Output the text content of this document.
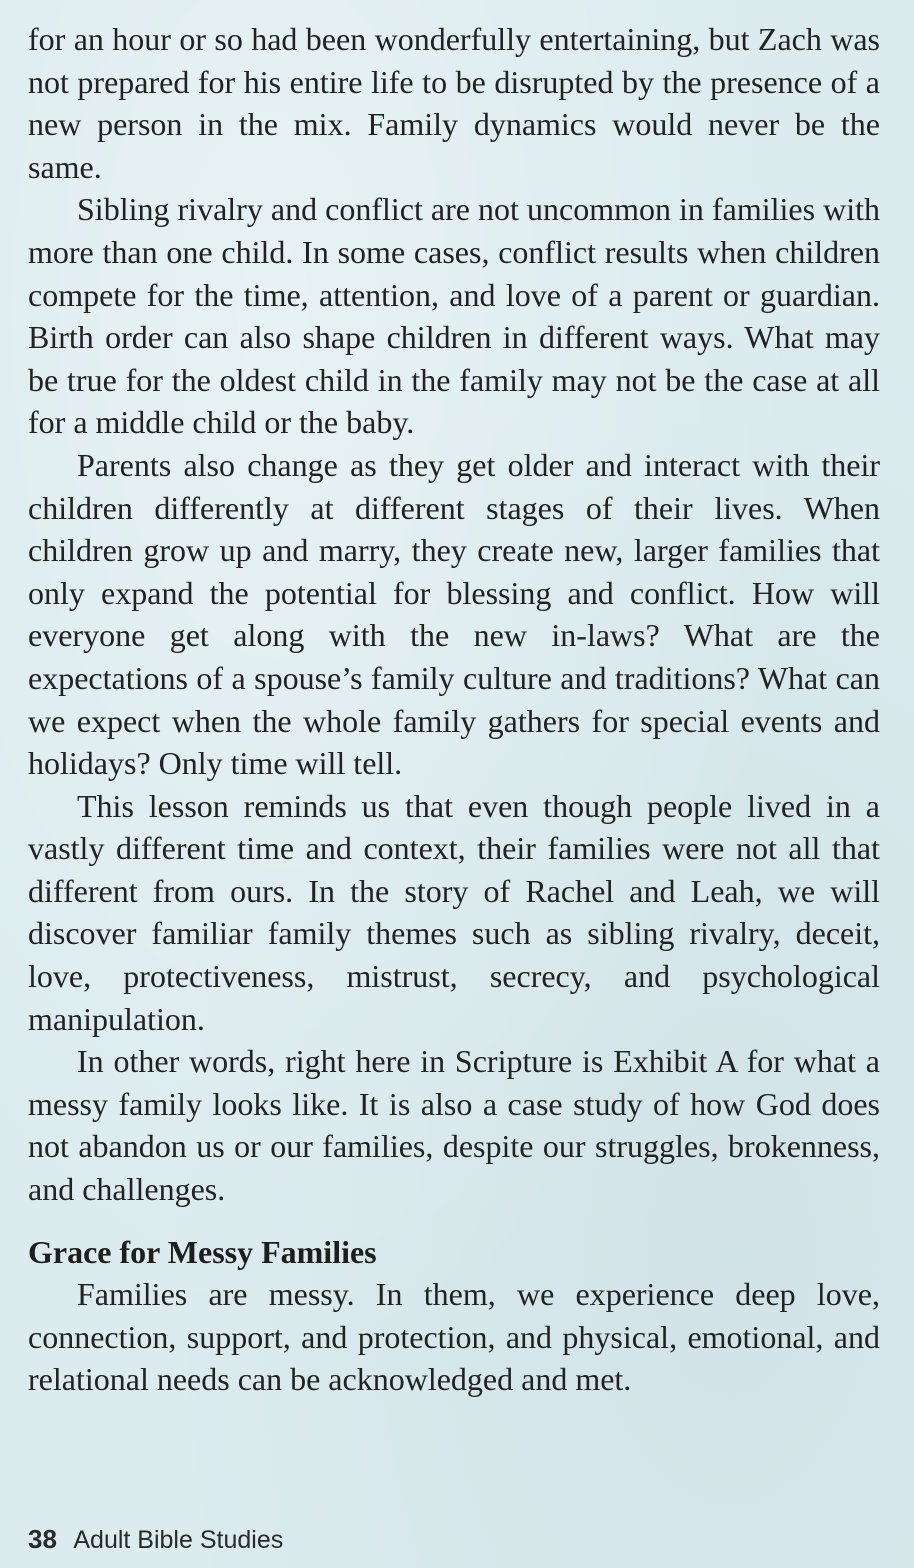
for an hour or so had been wonderfully entertaining, but Zach was not prepared for his entire life to be disrupted by the presence of a new person in the mix. Family dynamics would never be the same.

Sibling rivalry and conflict are not uncommon in families with more than one child. In some cases, conflict results when children compete for the time, attention, and love of a parent or guardian. Birth order can also shape children in different ways. What may be true for the oldest child in the family may not be the case at all for a middle child or the baby.

Parents also change as they get older and interact with their children differently at different stages of their lives. When children grow up and marry, they create new, larger families that only expand the potential for blessing and conflict. How will everyone get along with the new in-laws? What are the expectations of a spouse’s family culture and traditions? What can we expect when the whole family gathers for special events and holidays? Only time will tell.

This lesson reminds us that even though people lived in a vastly different time and context, their families were not all that different from ours. In the story of Rachel and Leah, we will discover familiar family themes such as sibling rivalry, deceit, love, protectiveness, mistrust, secrecy, and psychological manipulation.

In other words, right here in Scripture is Exhibit A for what a messy family looks like. It is also a case study of how God does not abandon us or our families, despite our struggles, brokenness, and challenges.

Grace for Messy Families

Families are messy. In them, we experience deep love, connection, support, and protection, and physical, emotional, and relational needs can be acknowledged and met.

38 Adult Bible Studies
